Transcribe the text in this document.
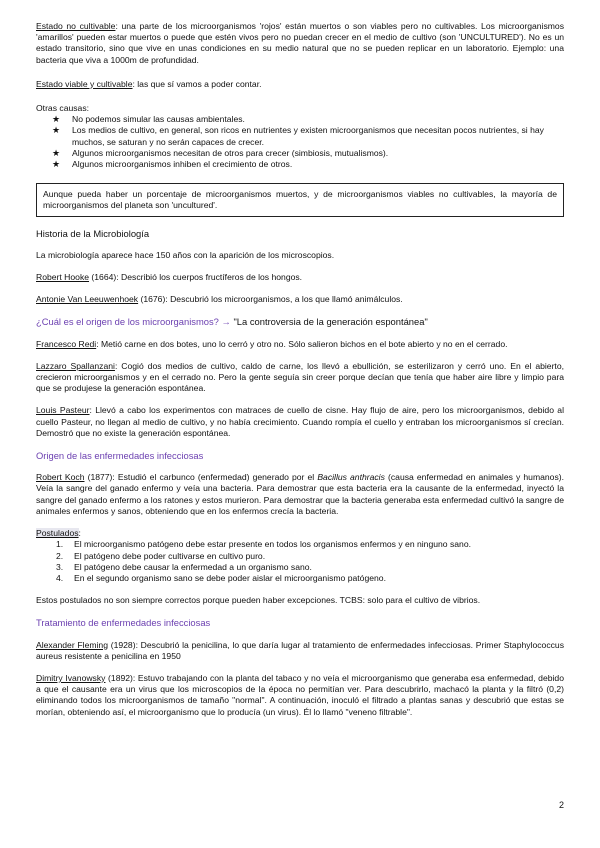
Estado no cultivable: una parte de los microorganismos 'rojos' están muertos o son viables pero no cultivables. Los microorganismos 'amarillos' pueden estar muertos o puede que estén vivos pero no puedan crecer en el medio de cultivo (son 'UNCULTURED'). No es un estado transitorio, sino que vive en unas condiciones en su medio natural que no se pueden replicar en un laboratorio. Ejemplo: una bacteria que viva a 1000m de profundidad.

Estado viable y cultivable: las que sí vamos a poder contar.

Otras causas:

★ No podemos simular las causas ambientales.
★ Los medios de cultivo, en general, son ricos en nutrientes y existen microorganismos que necesitan pocos nutrientes, si hay muchos, se saturan y no serán capaces de crecer.
★ Algunos microorganismos necesitan de otros para crecer (simbiosis, mutualismos).
★ Algunos microorganismos inhiben el crecimiento de otros.

Aunque pueda haber un porcentaje de microorganismos muertos, y de microorganismos viables no cultivables, la mayoría de microorganismos del planeta son 'uncultured'.

Historia de la Microbiología

La microbiología aparece hace 150 años con la aparición de los microscopios.

Robert Hooke (1664): Describió los cuerpos fructíferos de los hongos.

Antonie Van Leeuwenhoek (1676): Descubrió los microorganismos, a los que llamó animálculos.

¿Cuál es el origen de los microorganismos? → "La controversia de la generación espontánea"

Francesco Redi: Metió carne en dos botes, uno lo cerró y otro no. Sólo salieron bichos en el bote abierto y no en el cerrado.

Lazzaro Spallanzani: Cogió dos medios de cultivo, caldo de carne, los llevó a ebullición, se esterilizaron y cerró uno. En el abierto, crecieron microorganismos y en el cerrado no. Pero la gente seguía sin creer porque decían que tenía que haber aire libre y limpio para que se produjese la generación espontánea.

Louis Pasteur: Llevó a cabo los experimentos con matraces de cuello de cisne. Hay flujo de aire, pero los microorganismos, debido al cuello Pasteur, no llegan al medio de cultivo, y no había crecimiento. Cuando rompía el cuello y entraban los microorganismos sí crecían. Demostró que no existe la generación espontánea.

Origen de las enfermedades infecciosas

Robert Koch (1877): Estudió el carbunco (enfermedad) generado por el Bacillus anthracis (causa enfermedad en animales y humanos). Veía la sangre del ganado enfermo y veía una bacteria. Para demostrar que esta bacteria era la causante de la enfermedad, inyectó la sangre del ganado enfermo a los ratones y estos murieron. Para demostrar que la bacteria generaba esta enfermedad cultivó la sangre de animales enfermos y sanos, obteniendo que en los enfermos crecía la bacteria.

Postulados:

1. El microorganismo patógeno debe estar presente en todos los organismos enfermos y en ninguno sano.
2. El patógeno debe poder cultivarse en cultivo puro.
3. El patógeno debe causar la enfermedad a un organismo sano.
4. En el segundo organismo sano se debe poder aislar el microorganismo patógeno.

Estos postulados no son siempre correctos porque pueden haber excepciones. TCBS: solo para el cultivo de vibrios.

Tratamiento de enfermedades infecciosas

Alexander Fleming (1928): Descubrió la penicilina, lo que daría lugar al tratamiento de enfermedades infecciosas. Primer Staphylococcus aureus resistente a penicilina en 1950

Dimitry Ivanowsky (1892): Estuvo trabajando con la planta del tabaco y no veía el microorganismo que generaba esa enfermedad, debido a que el causante era un virus que los microscopios de la época no permitían ver. Para descubrirlo, machacó la planta y la filtró (0,2) eliminando todos los microorganismos de tamaño "normal". A continuación, inoculó el filtrado a plantas sanas y descubrió que estas se morían, obteniendo así, el microorganismo que lo producía (un virus). Él lo llamó "veneno filtrable".

2
